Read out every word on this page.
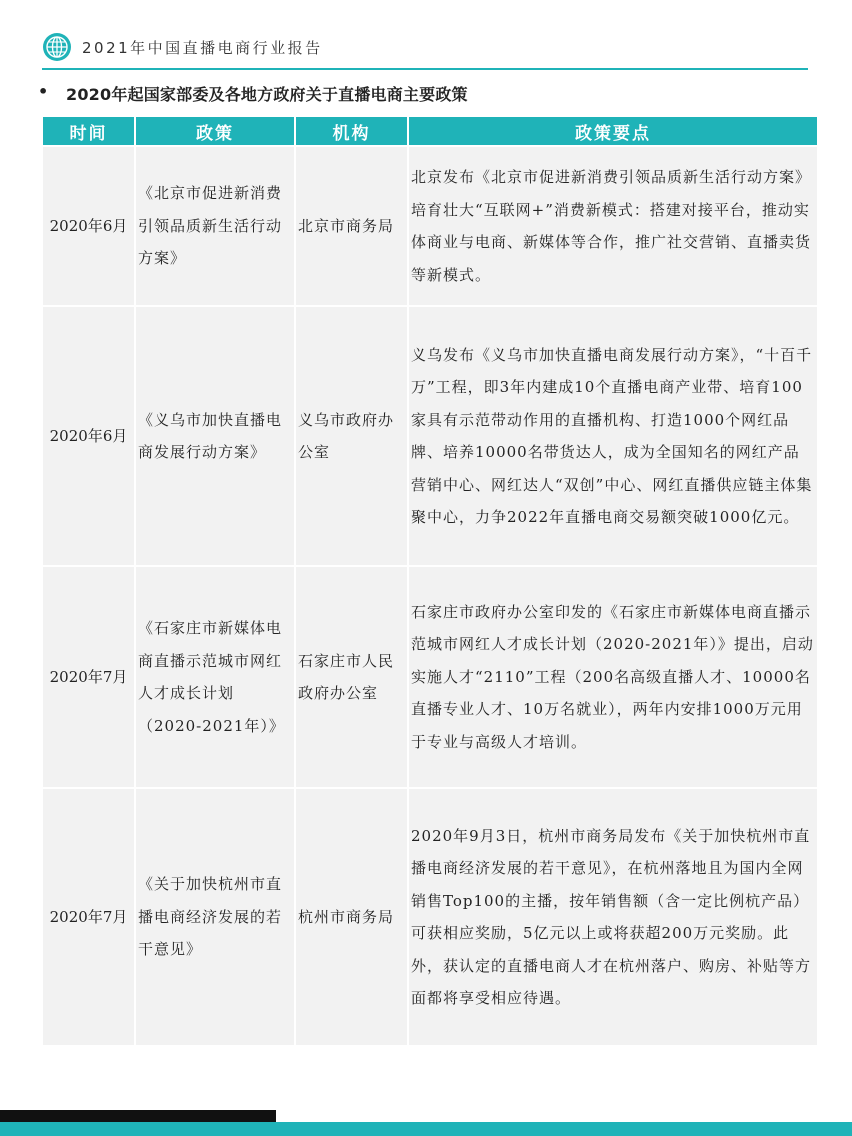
2021年中国直播电商行业报告
• 2020年起国家部委及各地方政府关于直播电商主要政策
时间	政策	机构	政策要点
2020年6月	《北京市促进新消费引领品质新生活行动方案》	北京市商务局	北京发布《北京市促进新消费引领品质新生活行动方案》培育壮大“互联网+”消费新模式：搭建对接平台，推动实体商业与电商、新媒体等合作，推广社交营销、直播卖货等新模式。
2020年6月	《义乌市加快直播电商发展行动方案》	义乌市政府办公室	义乌发布《义乌市加快直播电商发展行动方案》，“十百千万”工程，即3年内建成10个直播电商产业带、培育100家具有示范带动作用的直播机构、打造1000个网红品牌、培养10000名带货达人，成为全国知名的网红产品营销中心、网红达人“双创”中心、网红直播供应链主体集聚中心，力争2022年直播电商交易额突破1000亿元。
2020年7月	《石家庄市新媒体电商直播示范城市网红人才成长计划（2020-2021年）》	石家庄市人民政府办公室	石家庄市政府办公室印发的《石家庄市新媒体电商直播示范城市网红人才成长计划（2020-2021年）》提出，启动实施人才“2110”工程（200名高级直播人才、10000名直播专业人才、10万名就业），两年内安排1000万元用于专业与高级人才培训。
2020年7月	《关于加快杭州市直播电商经济发展的若干意见》	杭州市商务局	2020年9月3日，杭州市商务局发布《关于加快杭州市直播电商经济发展的若干意见》，在杭州落地且为国内全网销售Top100的主播，按年销售额（含一定比例杭产品）可获相应奖励，5亿元以上或将获超200万元奖励。此外，获认定的直播电商人才在杭州落户、购房、补贴等方面都将享受相应待遇。
